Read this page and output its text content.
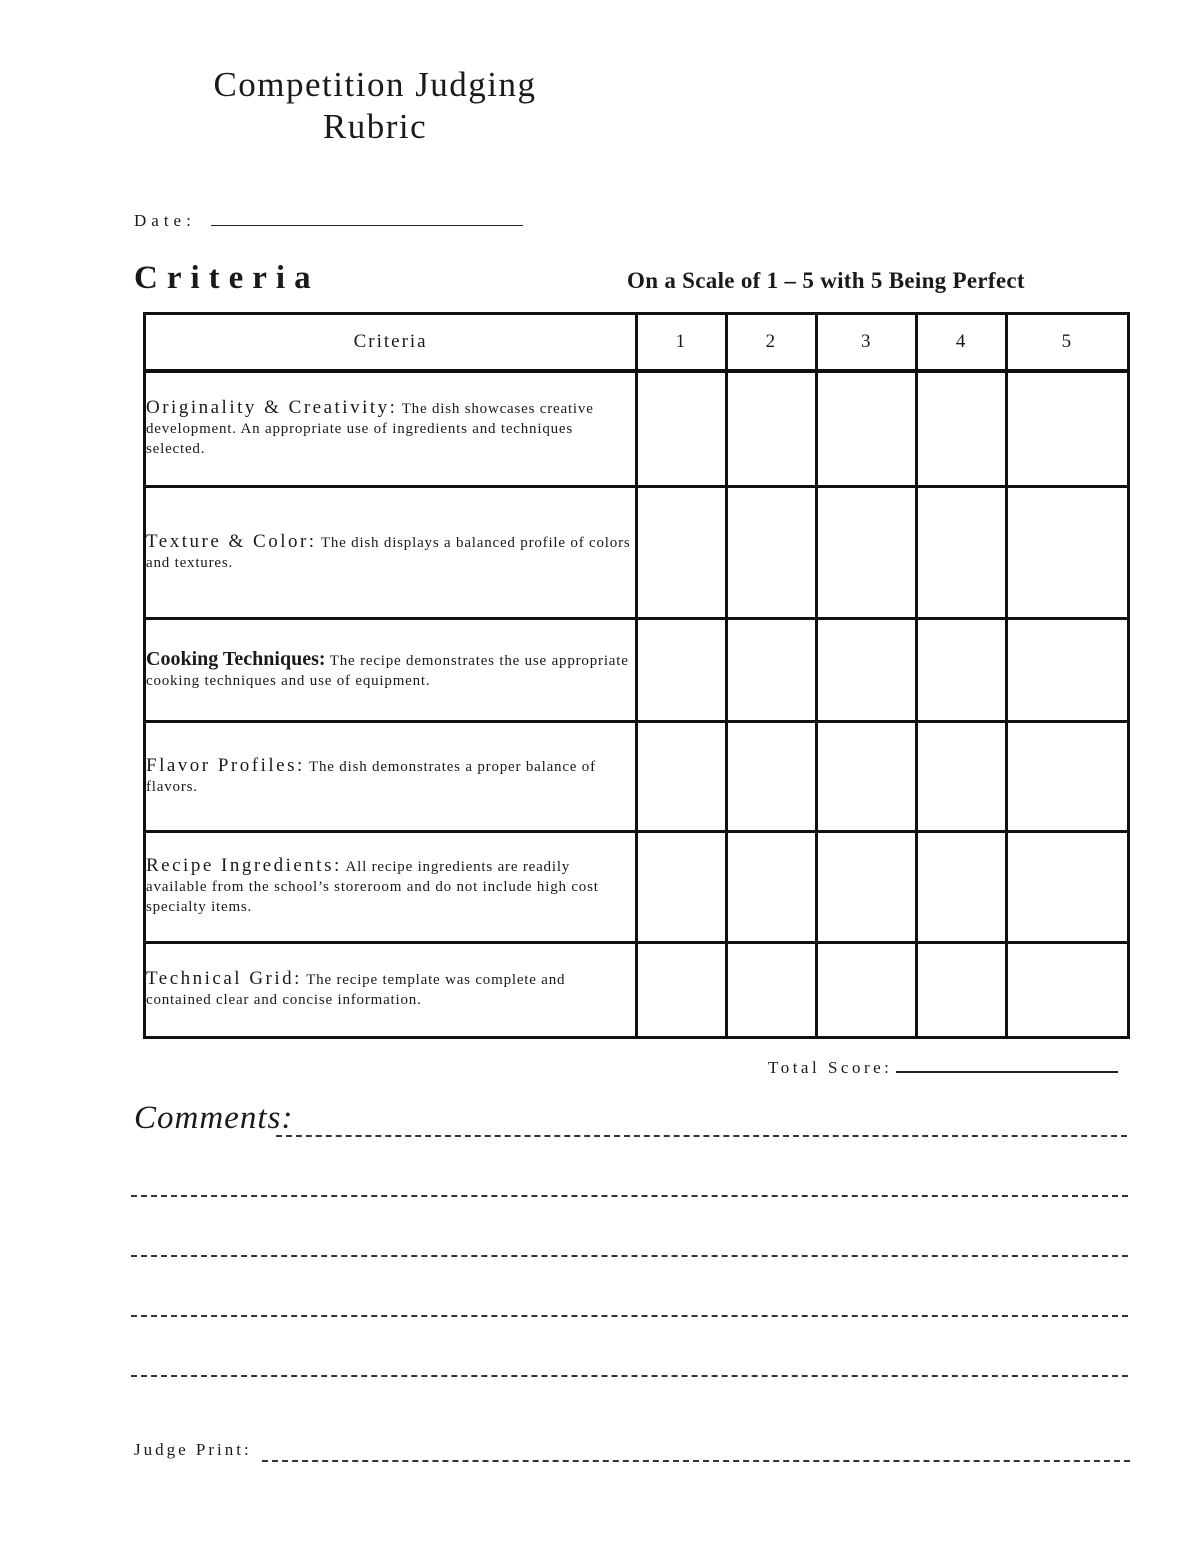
Competition Judging
Rubric
Date:
Criteria	On a Scale of 1 – 5 with 5 Being Perfect
Criteria	1	2	3	4	5
Originality & Creativity: The dish showcases creative development. An appropriate use of ingredients and techniques selected.					
Texture & Color: The dish displays a balanced profile of colors and textures.					
Cooking Techniques: The recipe demonstrates the use appropriate cooking techniques and use of equipment.					
Flavor Profiles: The dish demonstrates a proper balance of flavors.					
Recipe Ingredients: All recipe ingredients are readily available from the school’s storeroom and do not include high cost specialty items.					
Technical Grid: The recipe template was complete and contained clear and concise information.					
Total Score:
Comments:
Judge Print:
